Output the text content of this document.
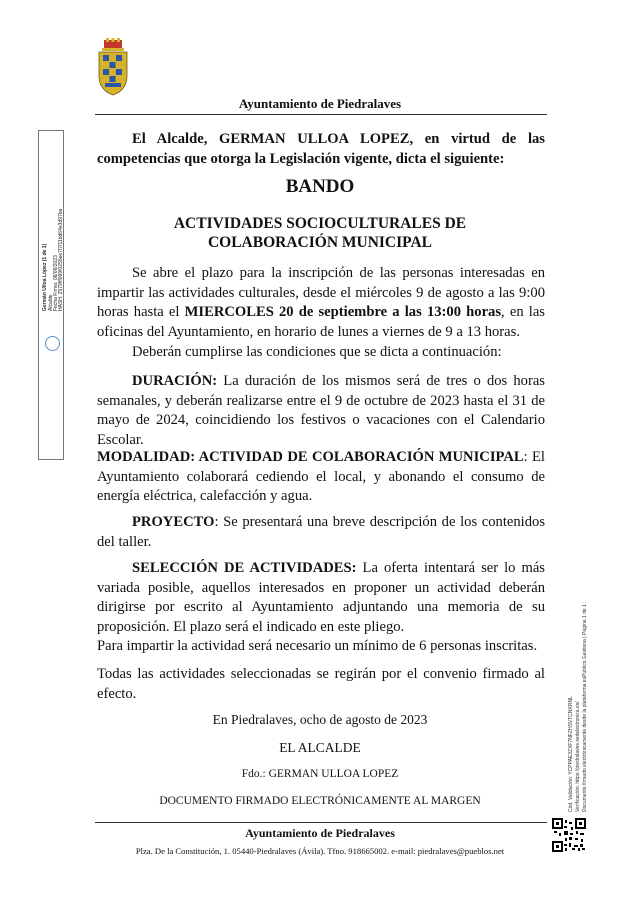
Ayuntamiento de Piedralaves
Germán Ulloa López (1 de 1) Alcalde Fecha Firma: 08/08/2023 HASH: 2579fff099f0255ee7f7f11bd64e3d97ba

El Alcalde, GERMAN ULLOA LOPEZ, en virtud de las competencias que otorga la Legislación vigente, dicta el siguiente:

BANDO
ACTIVIDADES SOCIOCULTURALES DE
COLABORACIÓN MUNICIPAL

Se abre el plazo para la inscripción de las personas interesadas en impartir las actividades culturales, desde el miércoles 9 de agosto a las 9:00 horas hasta el MIERCOLES 20 de septiembre a las 13:00 horas, en las oficinas del Ayuntamiento, en horario de lunes a viernes de 9 a 13 horas.

Deberán cumplirse las condiciones que se dicta a continuación:

DURACIÓN: La duración de los mismos será de tres o dos horas semanales, y deberán realizarse entre el 9 de octubre de 2023 hasta el 31 de mayo de 2024, coincidiendo los festivos o vacaciones con el Calendario Escolar.

MODALIDAD: ACTIVIDAD DE COLABORACIÓN MUNICIPAL: El Ayuntamiento colaborará cediendo el local, y abonando el consumo de energía eléctrica, calefacción y agua.

PROYECTO: Se presentará una breve descripción de los contenidos del taller.

SELECCIÓN DE ACTIVIDADES: La oferta intentará ser lo más variada posible, aquellos interesados en proponer un actividad deberán dirigirse por escrito al Ayuntamiento adjuntando una memoria de su proposición. El plazo será el indicado en este pliego.

Para impartir la actividad será necesario un mínimo de 6 personas inscritas.

Todas las actividades seleccionadas se regirán por el convenio firmado al efecto.

En Piedralaves, ocho de agosto de 2023
EL ALCALDE
Fdo.: GERMAN ULLOA LOPEZ
DOCUMENTO FIRMADO ELECTRÓNICAMENTE AL MARGEN
Ayuntamiento de Piedralaves
Plza. De la Constitución, 1. 05440-Piedralaves (Ávila). Tfno. 918665002. e-mail: piedralaves@pueblos.net
Cód. Validación: YCPPAE3ZXF7NFZHSVTCNXRNL Verificación: https://piedralaves.sedelectronica.es/ Documento firmado electrónicamente desde la plataforma esPublico Gestiona | Página 1 de 1
